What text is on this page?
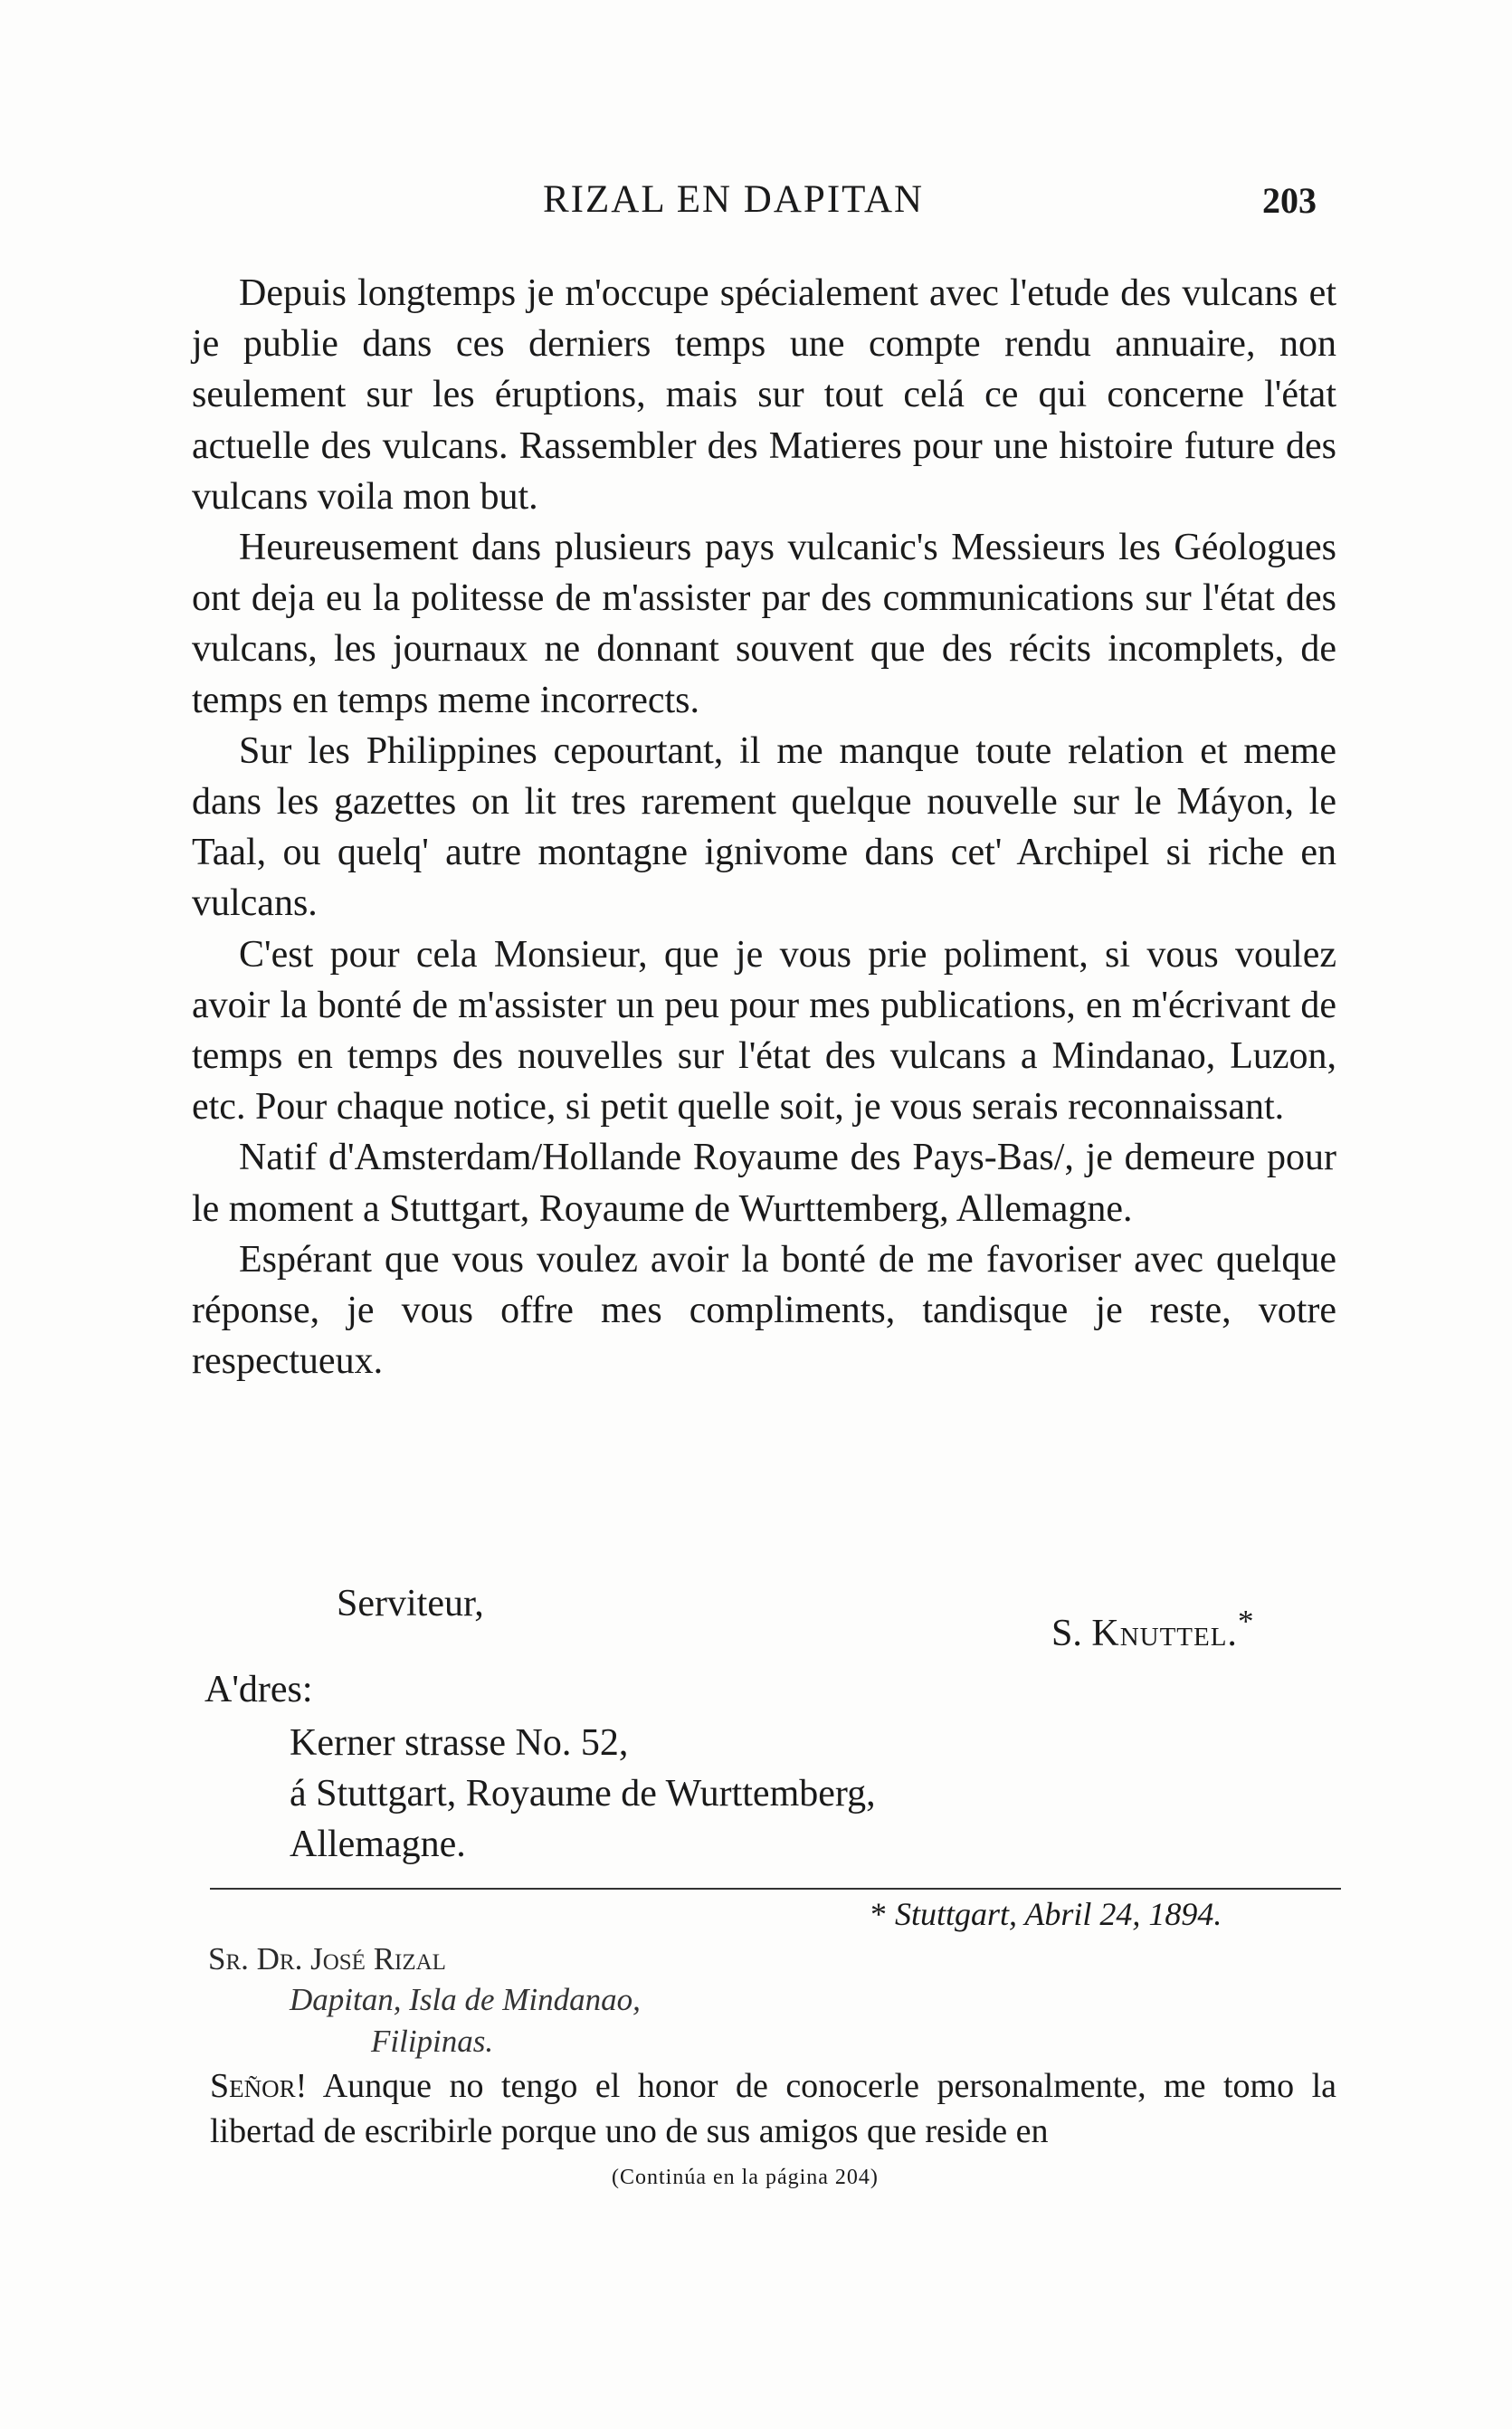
RIZAL EN DAPITAN	203

Depuis longtemps je m'occupe spécialement avec l'etude des vulcans et je publie dans ces derniers temps une compte rendu annuaire, non seulement sur les éruptions, mais sur tout celá ce qui concerne l'état actuelle des vulcans. Rassembler des Matieres pour une histoire future des vulcans voila mon but.

Heureusement dans plusieurs pays vulcanic's Messieurs les Géologues ont deja eu la politesse de m'assister par des communications sur l'état des vulcans, les journaux ne donnant souvent que des récits incomplets, de temps en temps meme incorrects.

Sur les Philippines cepourtant, il me manque toute relation et meme dans les gazettes on lit tres rarement quelque nouvelle sur le Máyon, le Taal, ou quelq' autre montagne ignivome dans cet' Archipel si riche en vulcans.

C'est pour cela Monsieur, que je vous prie poliment, si vous voulez avoir la bonté de m'assister un peu pour mes publications, en m'écrivant de temps en temps des nouvelles sur l'état des vulcans a Mindanao, Luzon, etc. Pour chaque notice, si petit quelle soit, je vous serais reconnaissant.

Natif d'Amsterdam/Hollande Royaume des Pays-Bas/, je demeure pour le moment a Stuttgart, Royaume de Wurttemberg, Allemagne.

Espérant que vous voulez avoir la bonté de me favoriser avec quelque réponse, je vous offre mes compliments, tandisque je reste, votre respectueux.

Serviteur,
S. Knuttel.*
A'dres:
Kerner strasse No. 52,
á Stuttgart, Royaume de Wurttemberg,
Allemagne.
* Stuttgart, Abril 24, 1894.
Sr. Dr. José Rizal
Dapitan, Isla de Mindanao,
Filipinas.
Señor! Aunque no tengo el honor de conocerle personalmente, me tomo la libertad de escribirle porque uno de sus amigos que reside en
(Continúa en la página 204)
